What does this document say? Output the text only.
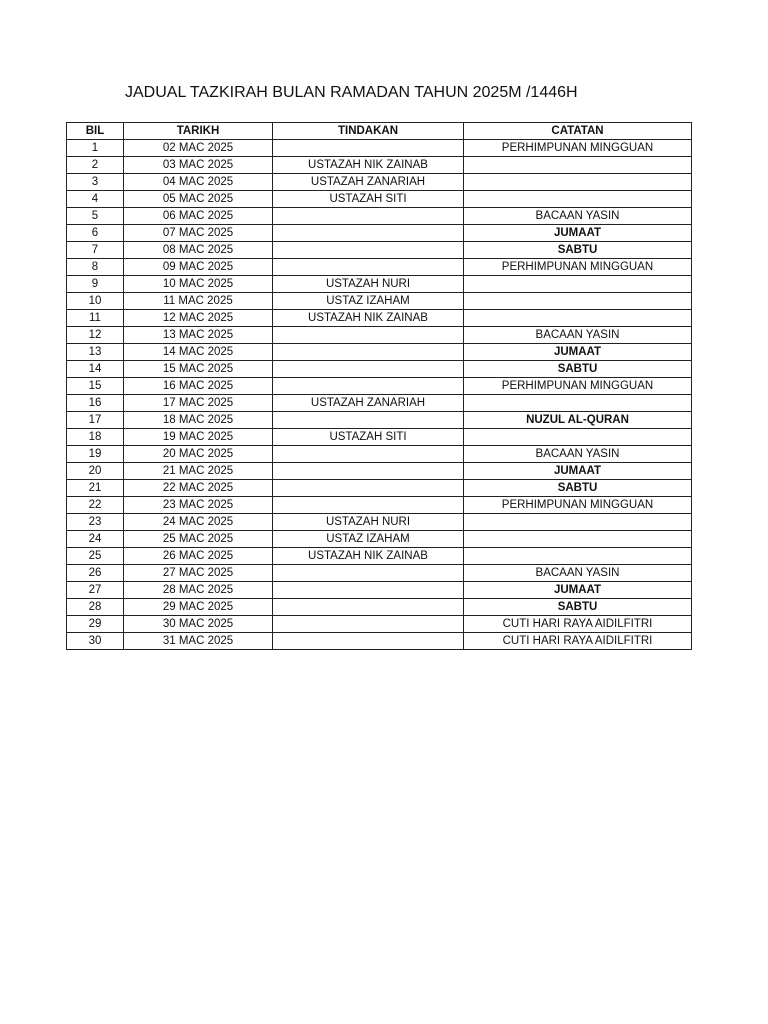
JADUAL TAZKIRAH BULAN RAMADAN TAHUN 2025M /1446H
BIL	TARIKH	TINDAKAN	CATATAN
1	02 MAC 2025		PERHIMPUNAN MINGGUAN
2	03 MAC 2025	USTAZAH NIK ZAINAB	
3	04 MAC 2025	USTAZAH ZANARIAH	
4	05 MAC 2025	USTAZAH SITI	
5	06 MAC 2025		BACAAN YASIN
6	07 MAC 2025		JUMAAT
7	08 MAC 2025		SABTU
8	09 MAC 2025		PERHIMPUNAN MINGGUAN
9	10 MAC 2025	USTAZAH NURI	
10	11 MAC 2025	USTAZ IZAHAM	
11	12 MAC 2025	USTAZAH NIK ZAINAB	
12	13 MAC 2025		BACAAN YASIN
13	14 MAC 2025		JUMAAT
14	15 MAC 2025		SABTU
15	16 MAC 2025		PERHIMPUNAN MINGGUAN
16	17 MAC 2025	USTAZAH ZANARIAH	
17	18 MAC 2025		NUZUL AL-QURAN
18	19 MAC 2025	USTAZAH SITI	
19	20 MAC 2025		BACAAN YASIN
20	21 MAC 2025		JUMAAT
21	22 MAC 2025		SABTU
22	23 MAC 2025		PERHIMPUNAN MINGGUAN
23	24 MAC 2025	USTAZAH NURI	
24	25 MAC 2025	USTAZ IZAHAM	
25	26 MAC 2025	USTAZAH NIK ZAINAB	
26	27 MAC 2025		BACAAN YASIN
27	28 MAC 2025		JUMAAT
28	29 MAC 2025		SABTU
29	30 MAC 2025		CUTI HARI RAYA AIDILFITRI
30	31 MAC 2025		CUTI HARI RAYA AIDILFITRI
